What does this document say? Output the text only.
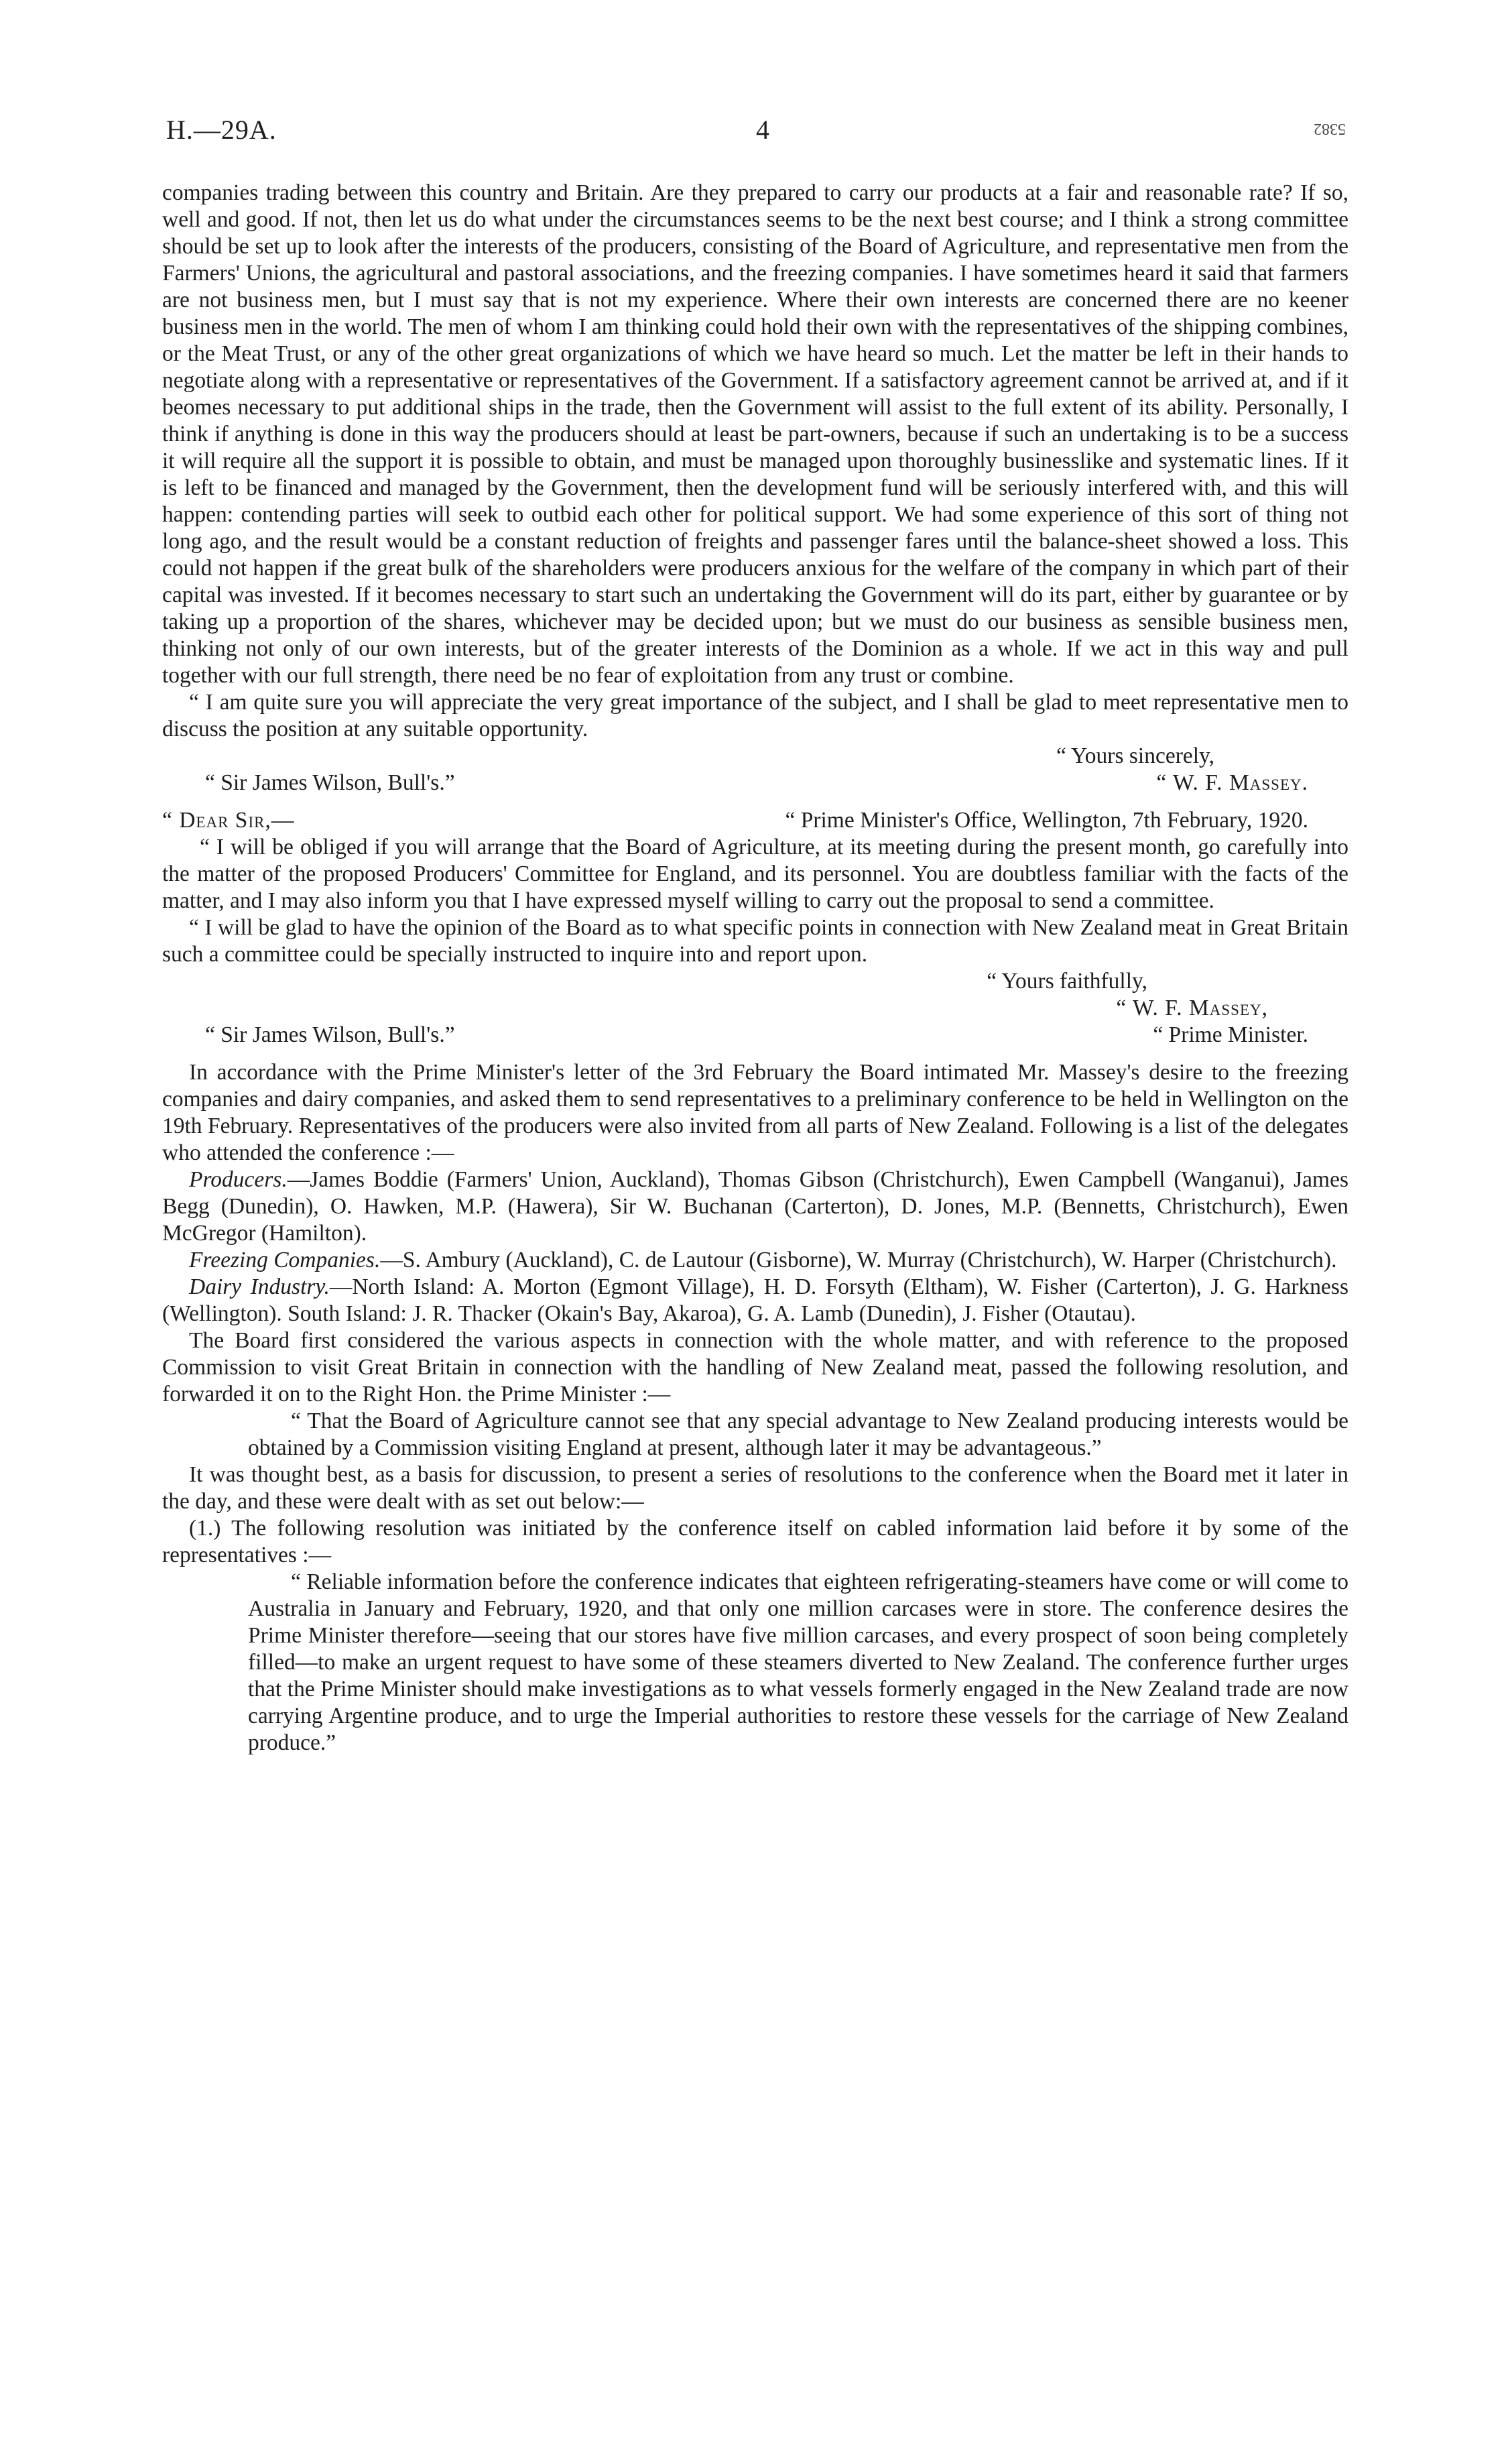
H.—29A.	4	5382

companies trading between this country and Britain. Are they prepared to carry our products at a fair and reasonable rate? If so, well and good. If not, then let us do what under the circumstances seems to be the next best course; and I think a strong committee should be set up to look after the interests of the producers, consisting of the Board of Agriculture, and representative men from the Farmers' Unions, the agricultural and pastoral associations, and the freezing companies. I have sometimes heard it said that farmers are not business men, but I must say that is not my experience. Where their own interests are concerned there are no keener business men in the world. The men of whom I am thinking could hold their own with the representatives of the shipping combines, or the Meat Trust, or any of the other great organizations of which we have heard so much. Let the matter be left in their hands to negotiate along with a representative or representatives of the Government. If a satisfactory agreement cannot be arrived at, and if it beomes necessary to put additional ships in the trade, then the Government will assist to the full extent of its ability. Personally, I think if anything is done in this way the producers should at least be part-owners, because if such an undertaking is to be a success it will require all the support it is possible to obtain, and must be managed upon thoroughly businesslike and systematic lines. If it is left to be financed and managed by the Government, then the development fund will be seriously interfered with, and this will happen: contending parties will seek to outbid each other for political support. We had some experience of this sort of thing not long ago, and the result would be a constant reduction of freights and passenger fares until the balance-sheet showed a loss. This could not happen if the great bulk of the shareholders were producers anxious for the welfare of the company in which part of their capital was invested. If it becomes necessary to start such an undertaking the Government will do its part, either by guarantee or by taking up a proportion of the shares, whichever may be decided upon; but we must do our business as sensible business men, thinking not only of our own interests, but of the greater interests of the Dominion as a whole. If we act in this way and pull together with our full strength, there need be no fear of exploitation from any trust or combine.

“ I am quite sure you will appreciate the very great importance of the subject, and I shall be glad to meet representative men to discuss the position at any suitable opportunity.

“ Yours sincerely,

“ Sir James Wilson, Bull's.”	“ W. F. Massey.
“ Dear Sir,—	“ Prime Minister's Office, Wellington, 7th February, 1920.

“ I will be obliged if you will arrange that the Board of Agriculture, at its meeting during the present month, go carefully into the matter of the proposed Producers' Committee for England, and its personnel. You are doubtless familiar with the facts of the matter, and I may also inform you that I have expressed myself willing to carry out the proposal to send a committee.

“ I will be glad to have the opinion of the Board as to what specific points in connection with New Zealand meat in Great Britain such a committee could be specially instructed to inquire into and report upon.

“ Yours faithfully,

“ W. F. Massey,

“ Sir James Wilson, Bull's.”	“ Prime Minister.

In accordance with the Prime Minister's letter of the 3rd February the Board intimated Mr. Massey's desire to the freezing companies and dairy companies, and asked them to send representatives to a preliminary conference to be held in Wellington on the 19th February. Representatives of the producers were also invited from all parts of New Zealand. Following is a list of the delegates who attended the conference :—

Producers.—James Boddie (Farmers' Union, Auckland), Thomas Gibson (Christchurch), Ewen Campbell (Wanganui), James Begg (Dunedin), O. Hawken, M.P. (Hawera), Sir W. Buchanan (Carterton), D. Jones, M.P. (Bennetts, Christchurch), Ewen McGregor (Hamilton).

Freezing Companies.—S. Ambury (Auckland), C. de Lautour (Gisborne), W. Murray (Christchurch), W. Harper (Christchurch).

Dairy Industry.—North Island: A. Morton (Egmont Village), H. D. Forsyth (Eltham), W. Fisher (Carterton), J. G. Harkness (Wellington). South Island: J. R. Thacker (Okain's Bay, Akaroa), G. A. Lamb (Dunedin), J. Fisher (Otautau).

The Board first considered the various aspects in connection with the whole matter, and with reference to the proposed Commission to visit Great Britain in connection with the handling of New Zealand meat, passed the following resolution, and forwarded it on to the Right Hon. the Prime Minister :—

“ That the Board of Agriculture cannot see that any special advantage to New Zealand producing interests would be obtained by a Commission visiting England at present, although later it may be advantageous.”

It was thought best, as a basis for discussion, to present a series of resolutions to the conference when the Board met it later in the day, and these were dealt with as set out below:—

(1.) The following resolution was initiated by the conference itself on cabled information laid before it by some of the representatives :—

“ Reliable information before the conference indicates that eighteen refrigerating-steamers have come or will come to Australia in January and February, 1920, and that only one million carcases were in store. The conference desires the Prime Minister therefore—seeing that our stores have five million carcases, and every prospect of soon being completely filled—to make an urgent request to have some of these steamers diverted to New Zealand. The conference further urges that the Prime Minister should make investigations as to what vessels formerly engaged in the New Zealand trade are now carrying Argentine produce, and to urge the Imperial authorities to restore these vessels for the carriage of New Zealand produce.”
